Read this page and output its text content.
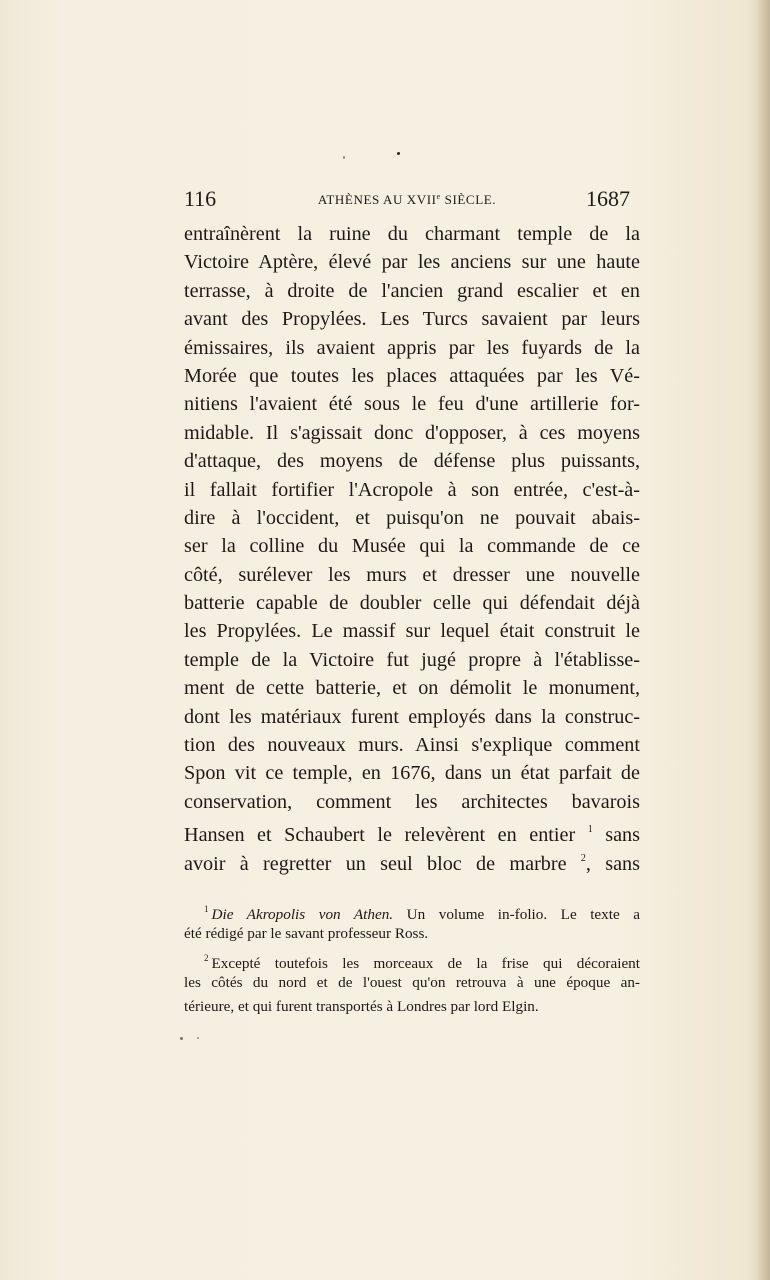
116	ATHÈNES AU XVIIe SIÈCLE.	1687
entraînèrent la ruine du charmant temple de la
Victoire Aptère, élevé par les anciens sur une haute
terrasse, à droite de l'ancien grand escalier et en
avant des Propylées. Les Turcs savaient par leurs
émissaires, ils avaient appris par les fuyards de la
Morée que toutes les places attaquées par les Vé-
nitiens l'avaient été sous le feu d'une artillerie for-
midable. Il s'agissait donc d'opposer, à ces moyens
d'attaque, des moyens de défense plus puissants,
il fallait fortifier l'Acropole à son entrée, c'est-à-
dire à l'occident, et puisqu'on ne pouvait abais-
ser la colline du Musée qui la commande de ce
côté, surélever les murs et dresser une nouvelle
batterie capable de doubler celle qui défendait déjà
les Propylées. Le massif sur lequel était construit le
temple de la Victoire fut jugé propre à l'établisse-
ment de cette batterie, et on démolit le monument,
dont les matériaux furent employés dans la construc-
tion des nouveaux murs. Ainsi s'explique comment
Spon vit ce temple, en 1676, dans un état parfait de
conservation, comment les architectes bavarois
Hansen et Schaubert le relevèrent en entier $^1$ sans
avoir à regretter un seul bloc de marbre $^2$, sans
$^1$ Die Akropolis von Athen. Un volume in-folio. Le texte a
été rédigé par le savant professeur Ross.
$^2$ Excepté toutefois les morceaux de la frise qui décoraient
les côtés du nord et de l'ouest qu'on retrouva à une époque an-
térieure, et qui furent transportés à Londres par lord Elgin.
